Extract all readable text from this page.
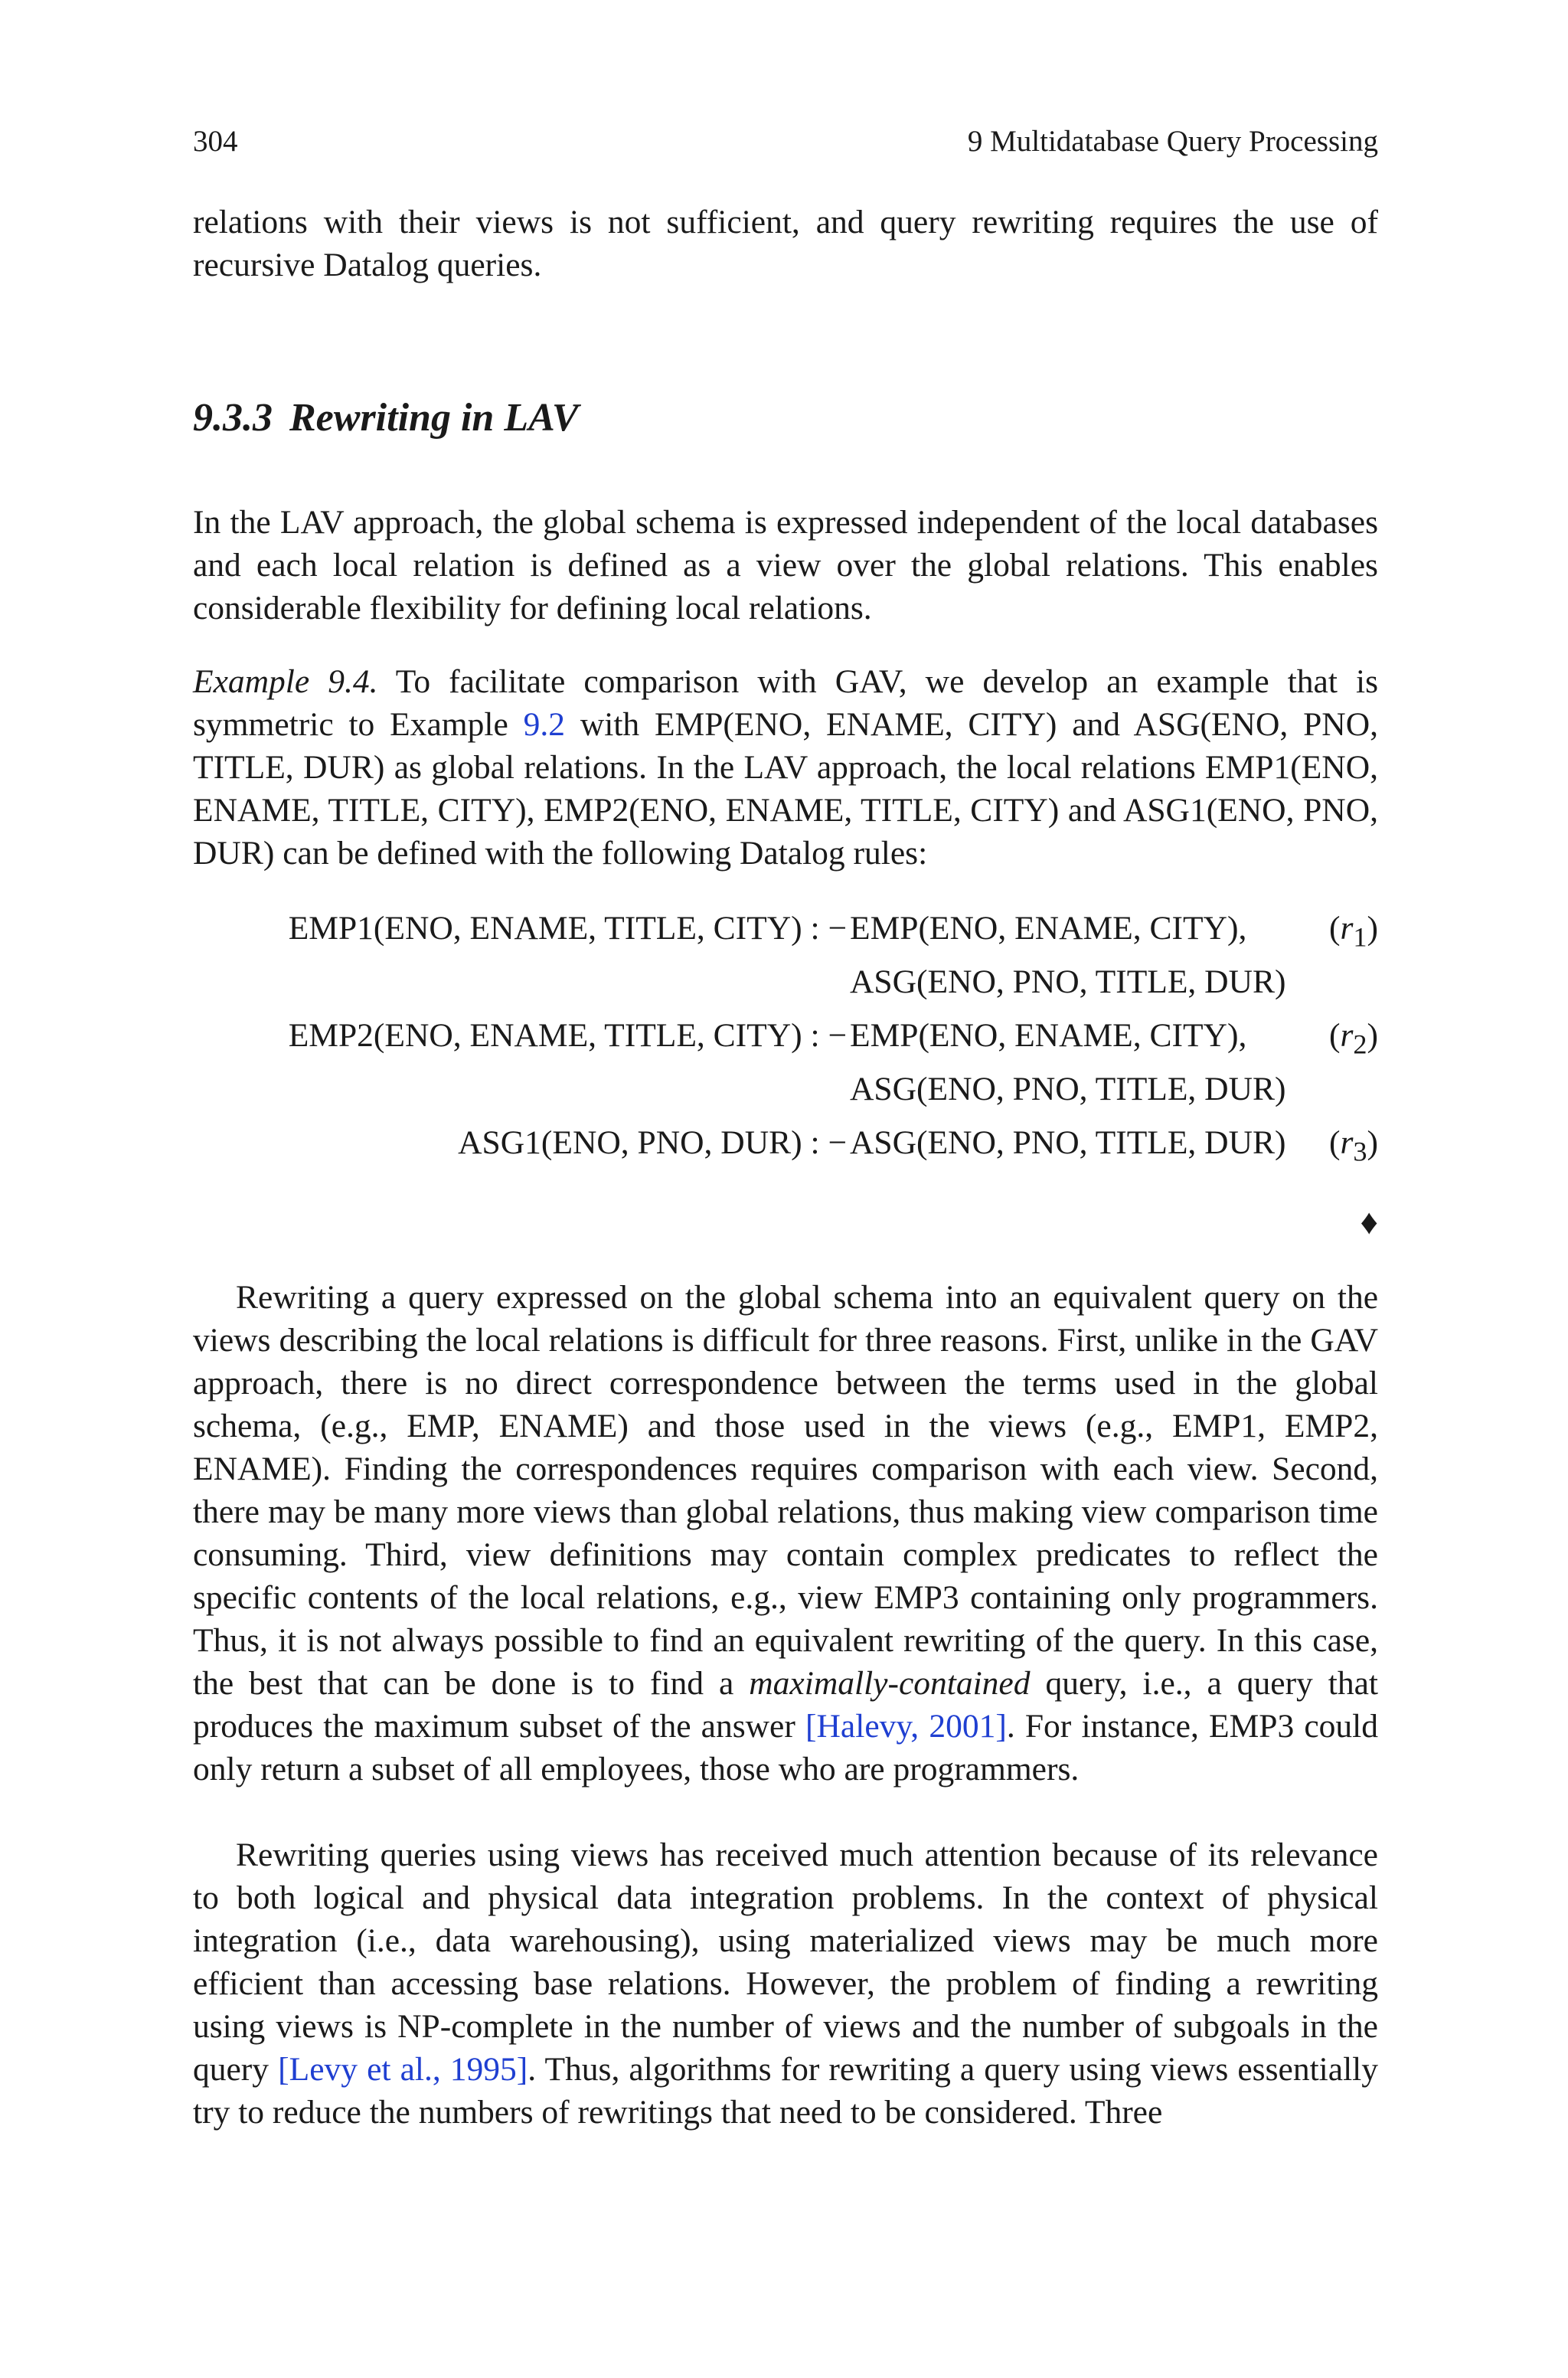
304	9 Multidatabase Query Processing

relations with their views is not sufficient, and query rewriting requires the use of recursive Datalog queries.

9.3.3 Rewriting in LAV

In the LAV approach, the global schema is expressed independent of the local databases and each local relation is defined as a view over the global relations. This enables considerable flexibility for defining local relations.

Example 9.4. To facilitate comparison with GAV, we develop an example that is symmetric to Example 9.2 with EMP(ENO, ENAME, CITY) and ASG(ENO, PNO, TITLE, DUR) as global relations. In the LAV approach, the local relations EMP1(ENO, ENAME, TITLE, CITY), EMP2(ENO, ENAME, TITLE, CITY) and ASG1(ENO, PNO, DUR) can be defined with the following Datalog rules:

EMP1(ENO, ENAME, TITLE, CITY) : − EMP(ENO, ENAME, CITY), $(r_1)$
ASG(ENO, PNO, TITLE, DUR)
EMP2(ENO, ENAME, TITLE, CITY) : − EMP(ENO, ENAME, CITY), $(r_2)$
ASG(ENO, PNO, TITLE, DUR)
ASG1(ENO, PNO, DUR) : − ASG(ENO, PNO, TITLE, DUR) $(r_3)$
♦

Rewriting a query expressed on the global schema into an equivalent query on the views describing the local relations is difficult for three reasons. First, unlike in the GAV approach, there is no direct correspondence between the terms used in the global schema, (e.g., EMP, ENAME) and those used in the views (e.g., EMP1, EMP2, ENAME). Finding the correspondences requires comparison with each view. Second, there may be many more views than global relations, thus making view comparison time consuming. Third, view definitions may contain complex predicates to reflect the specific contents of the local relations, e.g., view EMP3 containing only programmers. Thus, it is not always possible to find an equivalent rewriting of the query. In this case, the best that can be done is to find a maximally-contained query, i.e., a query that produces the maximum subset of the answer [Halevy, 2001]. For instance, EMP3 could only return a subset of all employees, those who are programmers.

Rewriting queries using views has received much attention because of its relevance to both logical and physical data integration problems. In the context of physical integration (i.e., data warehousing), using materialized views may be much more efficient than accessing base relations. However, the problem of finding a rewriting using views is NP-complete in the number of views and the number of subgoals in the query [Levy et al., 1995]. Thus, algorithms for rewriting a query using views essentially try to reduce the numbers of rewritings that need to be considered. Three
